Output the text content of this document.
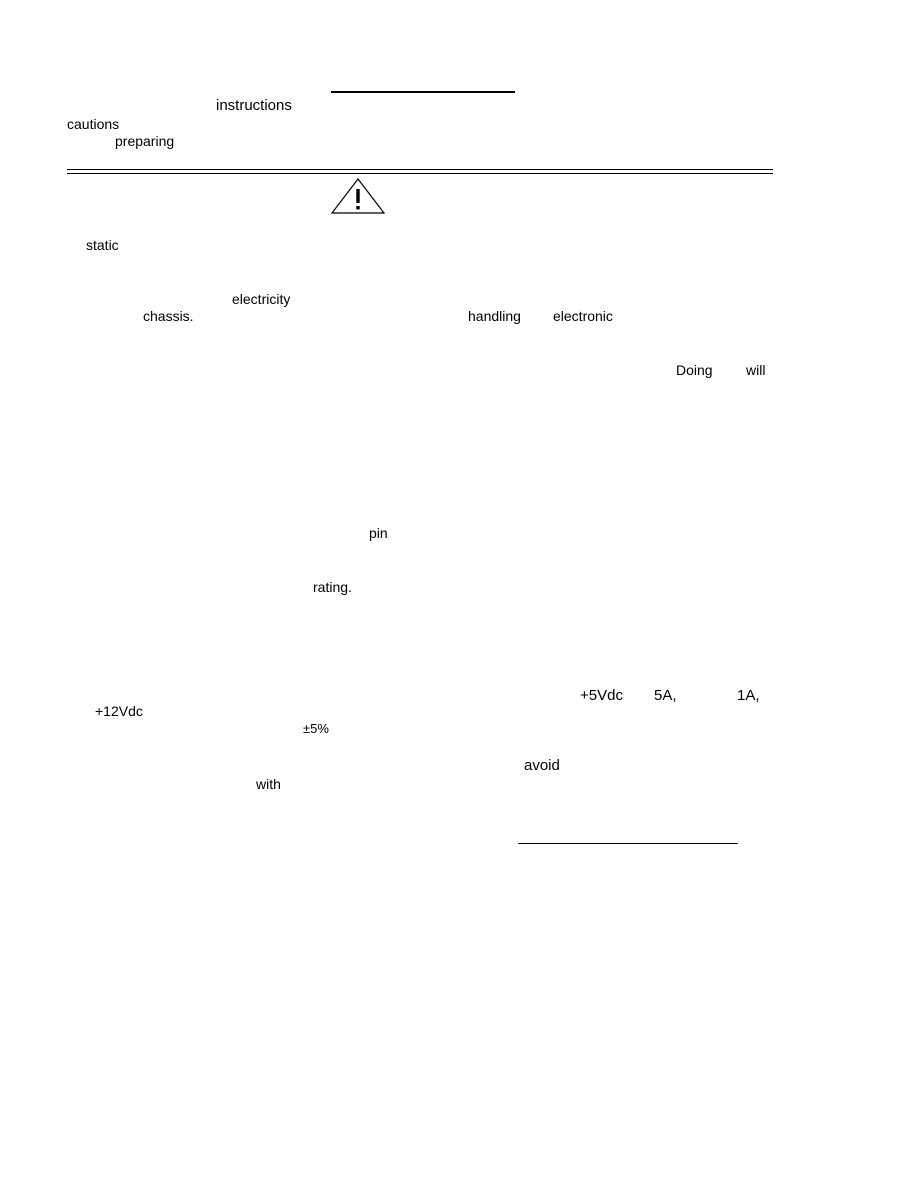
instructions
cautions
preparing
static
electricity
chassis.	handling electronic
Doing will
pin
rating.
+5Vdc 5A,	1A,
+12Vdc
±5%
avoid
with
